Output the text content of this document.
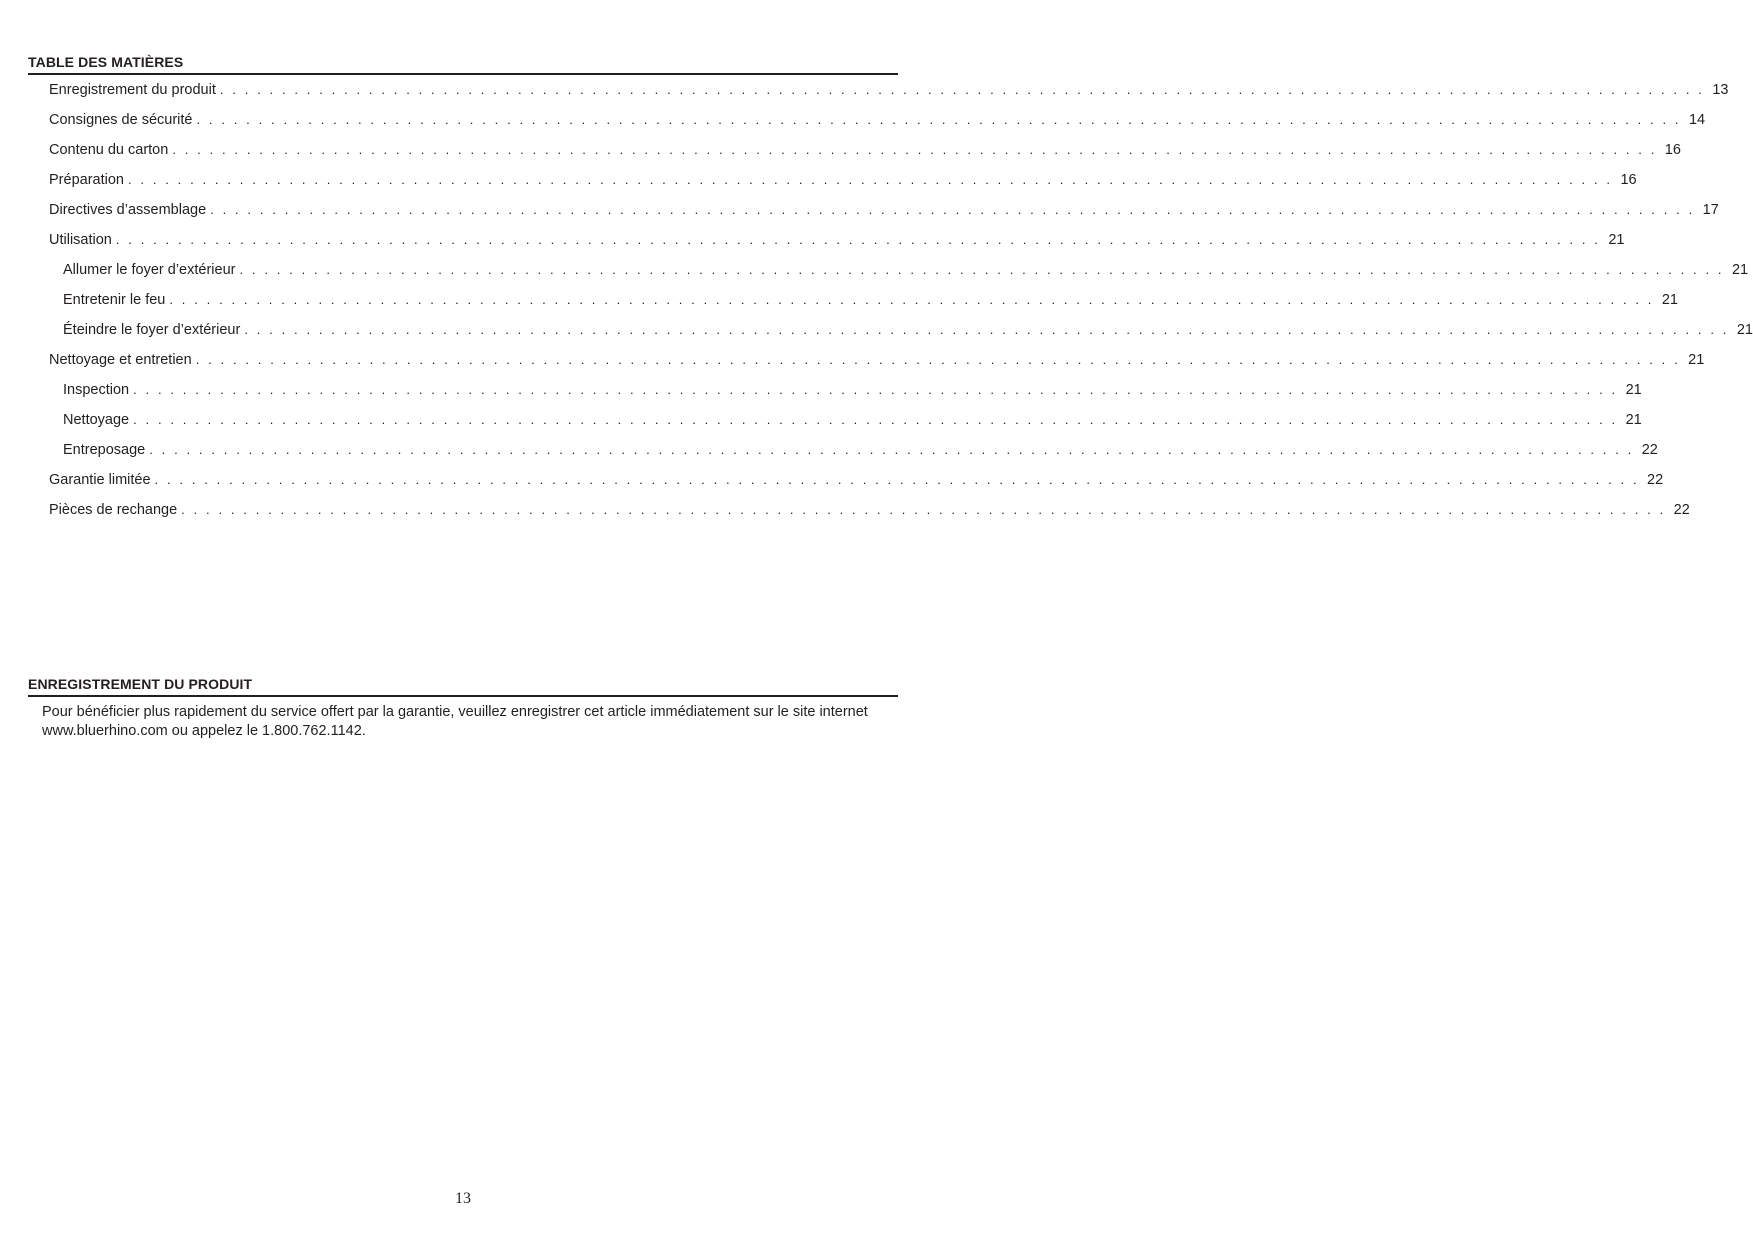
TABLE DES MATIÈRES
Enregistrement du produit . . . . . . . . . . . . . . . . . . . . . . . . . . . . . . . . . . . . . . . . . . . . . . . . . . . . . . . . . . . . . . . . . . . . . . . . . . . . . . . . . . . . . . . . . . . . . . . . . . . . . . . . . . . . . . . . . . . . . . . . 13
Consignes de sécurité . . . . . . . . . . . . . . . . . . . . . . . . . . . . . . . . . . . . . . . . . . . . . . . . . . . . . . . . . . . . . . . . . . . . . . . . . . . . . . . . . . . . . . . . . . . . . . . . . . . . . . . . . . . . . . . . . . . . . . . . 14
Contenu du carton . . . . . . . . . . . . . . . . . . . . . . . . . . . . . . . . . . . . . . . . . . . . . . . . . . . . . . . . . . . . . . . . . . . . . . . . . . . . . . . . . . . . . . . . . . . . . . . . . . . . . . . . . . . . . . . . . . . . . . . . 16
Préparation . . . . . . . . . . . . . . . . . . . . . . . . . . . . . . . . . . . . . . . . . . . . . . . . . . . . . . . . . . . . . . . . . . . . . . . . . . . . . . . . . . . . . . . . . . . . . . . . . . . . . . . . . . . . . . . . . . . . . . . . 16
Directives d’assemblage . . . . . . . . . . . . . . . . . . . . . . . . . . . . . . . . . . . . . . . . . . . . . . . . . . . . . . . . . . . . . . . . . . . . . . . . . . . . . . . . . . . . . . . . . . . . . . . . . . . . . . . . . . . . . . . . . . . . . . . . 17
Utilisation . . . . . . . . . . . . . . . . . . . . . . . . . . . . . . . . . . . . . . . . . . . . . . . . . . . . . . . . . . . . . . . . . . . . . . . . . . . . . . . . . . . . . . . . . . . . . . . . . . . . . . . . . . . . . . . . . . . . . . . . 21
Allumer le foyer d’extérieur . . . . . . . . . . . . . . . . . . . . . . . . . . . . . . . . . . . . . . . . . . . . . . . . . . . . . . . . . . . . . . . . . . . . . . . . . . . . . . . . . . . . . . . . . . . . . . . . . . . . . . . . . . . . . . . . . . . . . . . . 21
Entretenir le feu . . . . . . . . . . . . . . . . . . . . . . . . . . . . . . . . . . . . . . . . . . . . . . . . . . . . . . . . . . . . . . . . . . . . . . . . . . . . . . . . . . . . . . . . . . . . . . . . . . . . . . . . . . . . . . . . . . . . . . . . 21
Éteindre le foyer d’extérieur . . . . . . . . . . . . . . . . . . . . . . . . . . . . . . . . . . . . . . . . . . . . . . . . . . . . . . . . . . . . . . . . . . . . . . . . . . . . . . . . . . . . . . . . . . . . . . . . . . . . . . . . . . . . . . . . . . . . . . . . 21
Nettoyage et entretien . . . . . . . . . . . . . . . . . . . . . . . . . . . . . . . . . . . . . . . . . . . . . . . . . . . . . . . . . . . . . . . . . . . . . . . . . . . . . . . . . . . . . . . . . . . . . . . . . . . . . . . . . . . . . . . . . . . . . . . . 21
Inspection . . . . . . . . . . . . . . . . . . . . . . . . . . . . . . . . . . . . . . . . . . . . . . . . . . . . . . . . . . . . . . . . . . . . . . . . . . . . . . . . . . . . . . . . . . . . . . . . . . . . . . . . . . . . . . . . . . . . . . . . 21
Nettoyage . . . . . . . . . . . . . . . . . . . . . . . . . . . . . . . . . . . . . . . . . . . . . . . . . . . . . . . . . . . . . . . . . . . . . . . . . . . . . . . . . . . . . . . . . . . . . . . . . . . . . . . . . . . . . . . . . . . . . . . . 21
Entreposage . . . . . . . . . . . . . . . . . . . . . . . . . . . . . . . . . . . . . . . . . . . . . . . . . . . . . . . . . . . . . . . . . . . . . . . . . . . . . . . . . . . . . . . . . . . . . . . . . . . . . . . . . . . . . . . . . . . . . . . . 22
Garantie limitée . . . . . . . . . . . . . . . . . . . . . . . . . . . . . . . . . . . . . . . . . . . . . . . . . . . . . . . . . . . . . . . . . . . . . . . . . . . . . . . . . . . . . . . . . . . . . . . . . . . . . . . . . . . . . . . . . . . . . . . . 22
Pièces de rechange . . . . . . . . . . . . . . . . . . . . . . . . . . . . . . . . . . . . . . . . . . . . . . . . . . . . . . . . . . . . . . . . . . . . . . . . . . . . . . . . . . . . . . . . . . . . . . . . . . . . . . . . . . . . . . . . . . . . . . . . 22
ENREGISTREMENT DU PRODUIT

Pour bénéficier plus rapidement du service offert par la garantie, veuillez enregistrer cet article immédiatement sur le site internet www.bluerhino.com ou appelez le 1.800.762.1142.

13
